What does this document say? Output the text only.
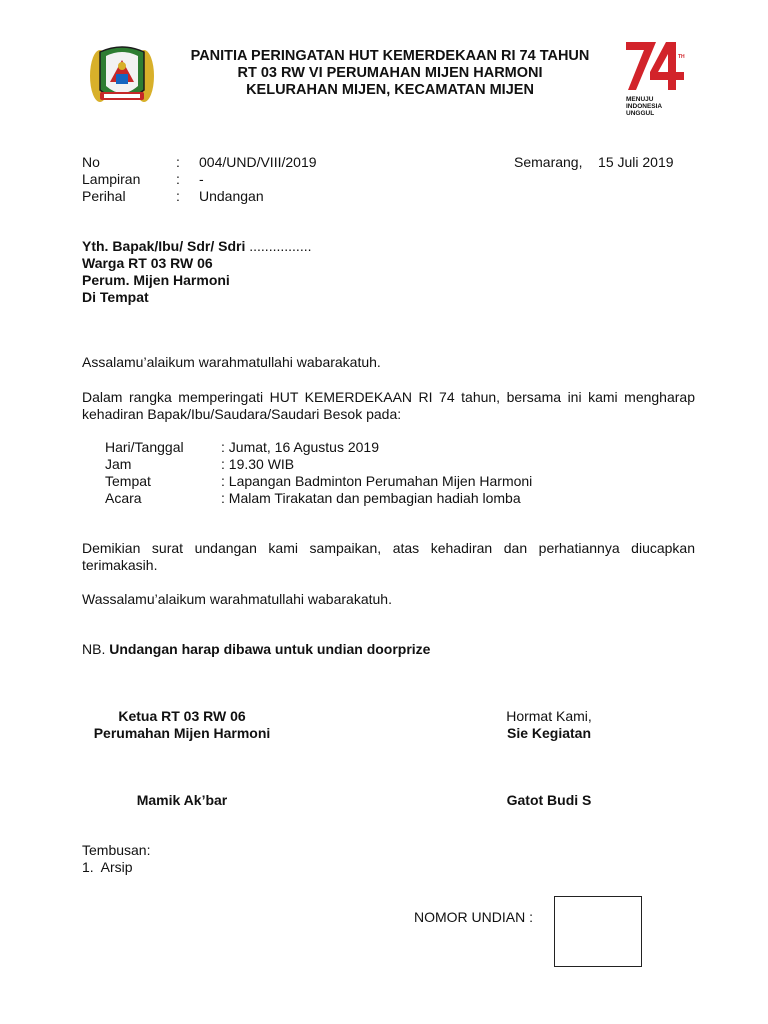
PANITIA PERINGATAN HUT KEMERDEKAAN RI 74 TAHUN
RT 03 RW VI PERUMAHAN MIJEN HARMONI
KELURAHAN MIJEN, KECAMATAN MIJEN
TH
MENUJU
INDONESIA
UNGGUL
No	: 004/UND/VIII/2019
Lampiran	: -
Perihal	: Undangan
Semarang,    15 Juli 2019
Yth. Bapak/Ibu/ Sdr/ Sdri ................
Warga RT 03 RW 06
Perum. Mijen Harmoni
Di Tempat
Assalamu’alaikum warahmatullahi wabarakatuh.
Dalam rangka memperingati HUT KEMERDEKAAN RI 74 tahun, bersama ini kami mengharap kehadiran Bapak/Ibu/Saudara/Saudari Besok pada:
Hari/Tanggal	: Jumat, 16 Agustus 2019
Jam	: 19.30 WIB
Tempat	: Lapangan Badminton Perumahan Mijen Harmoni
Acara	: Malam Tirakatan dan pembagian hadiah lomba
Demikian surat undangan kami sampaikan, atas kehadiran dan perhatiannya diucapkan terimakasih.
Wassalamu’alaikum warahmatullahi wabarakatuh.
NB. Undangan harap dibawa untuk undian doorprize
Ketua RT 03 RW 06
Perumahan Mijen Harmoni
Mamik Ak’bar
Hormat Kami,
Sie Kegiatan
Gatot Budi S
Tembusan:
1.  Arsip
NOMOR UNDIAN :
